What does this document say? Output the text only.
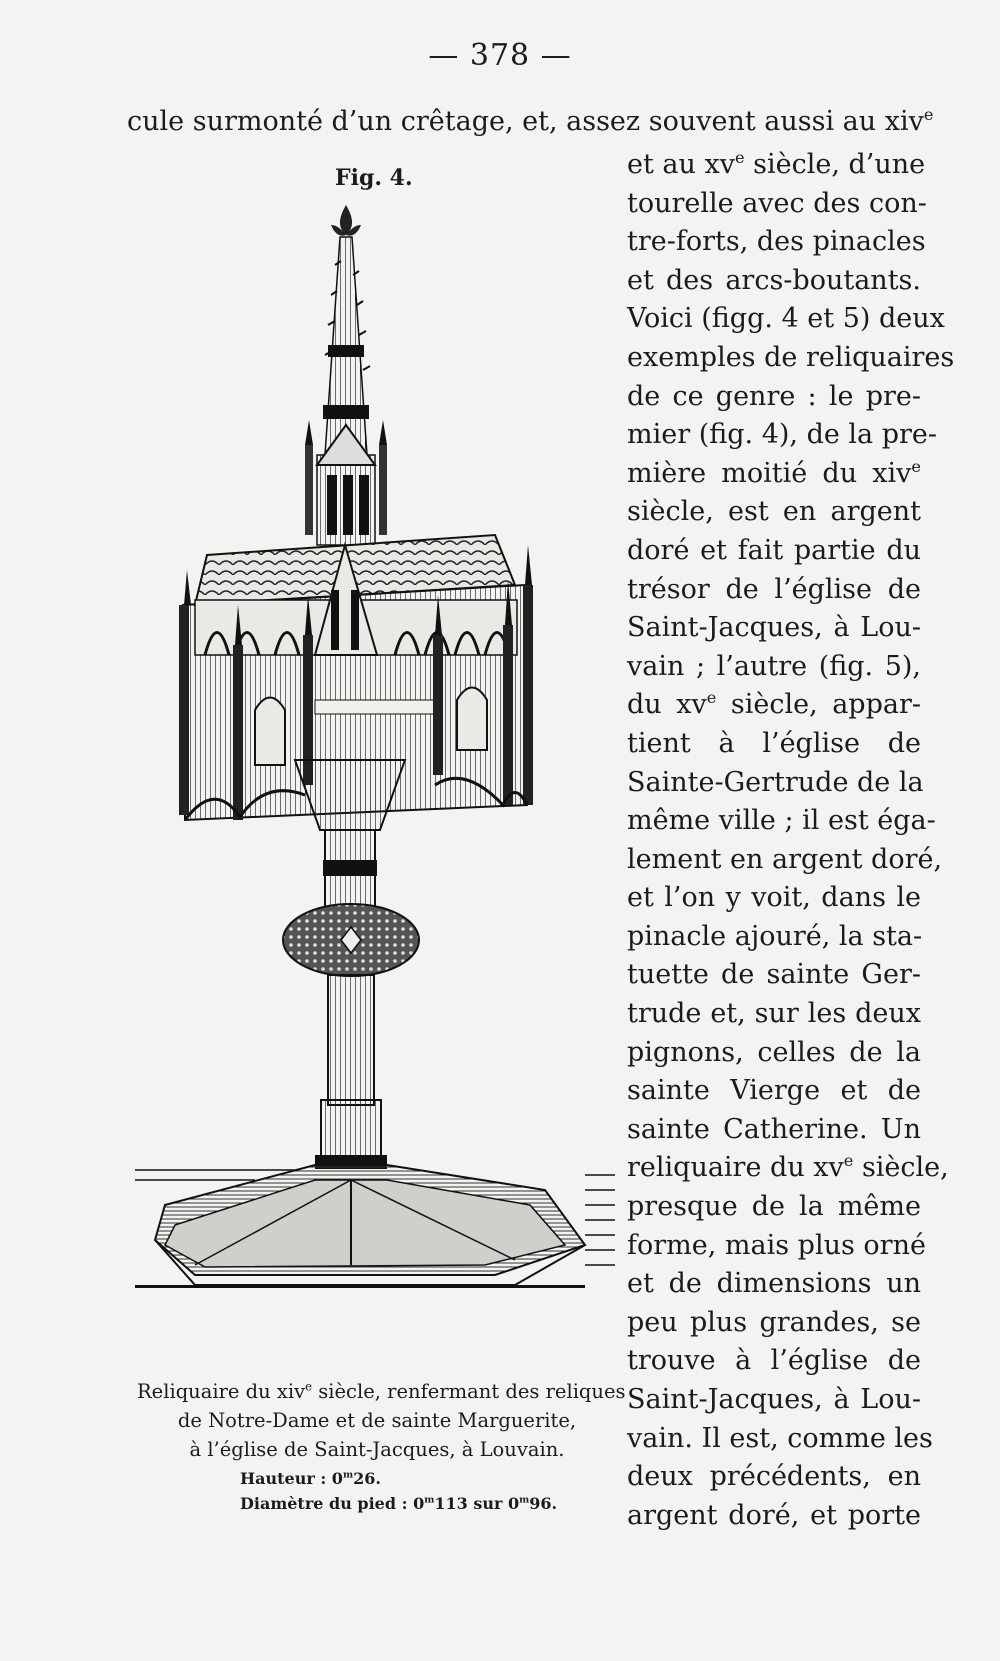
— 378 —
cule surmonté d’un crêtage, et, assez souvent aussi au xiv$^e$
Fig. 4.	et au $xv^e$ siècle, d’une
tourelle avec des con-
tre-forts, des pinacles
et des arcs-boutants.
Voici (figg. 4 et 5) deux
exemples de reliquaires
de ce genre : le pre-
mier (fig. 4), de la pre-
mière moitié du xiv$^e$
siècle, est en argent
doré et fait partie du
trésor de l’église de
Saint-Jacques, à Lou-
vain ; l’autre (fig. 5),
du $xv^e$ siècle, appar-
tient à l’église de
Sainte-Gertrude de la
même ville ; il est éga-
lement en argent doré,
et l’on y voit, dans le
pinacle ajouré, la sta-
tuette de sainte Ger-
trude et, sur les deux
pignons, celles de la
sainte Vierge et de
sainte Catherine. Un
reliquaire du $xv^e$ siècle,
presque de la même
forme, mais plus orné
et de dimensions un
peu plus grandes, se
trouve à l’église de
Saint-Jacques, à Lou-
vain. Il est, comme les
deux précédents, en
argent doré, et porte
Reliquaire du xiv$^e$ siècle, renfermant des reliques
de Notre-Dame et de sainte Marguerite,
à l’église de Saint-Jacques, à Louvain.
Hauteur : 0$^m$26.
Diamètre du pied : 0$^m$113 sur 0$^m$96.
